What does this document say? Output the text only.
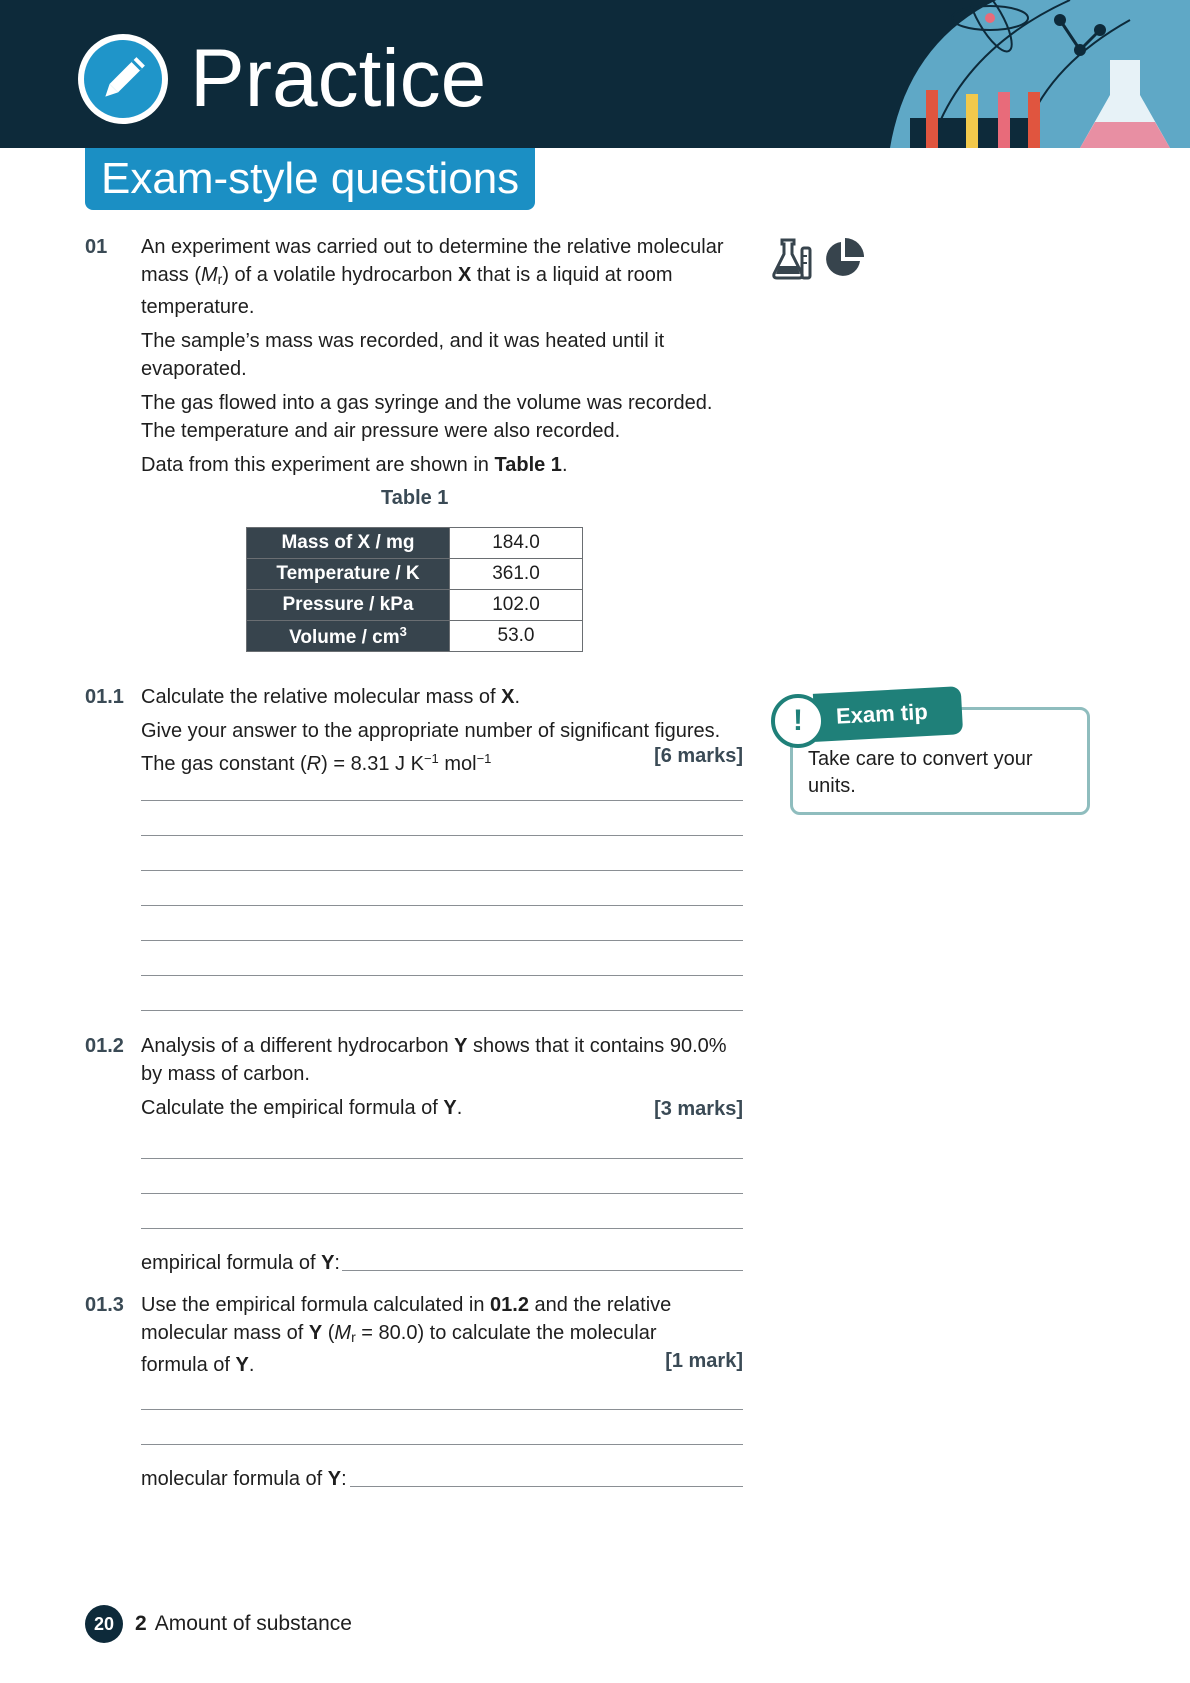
Practice
Exam-style questions
01 An experiment was carried out to determine the relative molecular mass $(M_r)$ of a volatile hydrocarbon X that is a liquid at room temperature.

The sample’s mass was recorded, and it was heated until it evaporated.

The gas flowed into a gas syringe and the volume was recorded. The temperature and air pressure were also recorded.

Data from this experiment are shown in Table 1.

Table 1
Mass of X / mg	184.0
Temperature / K	361.0
Pressure / kPa	102.0
Volume / $cm^3$	53.0
01.1 Calculate the relative molecular mass of X.

Give your answer to the appropriate number of significant figures.

The gas constant (R) = 8.31 J $K^{-1}$ mol$^{-1}$	[6 marks]
Exam tip
!
Take care to convert your units.
01.2 Analysis of a different hydrocarbon Y shows that it contains 90.0% by mass of carbon.

Calculate the empirical formula of Y.	[3 marks]
empirical formula of Y:
01.3 Use the empirical formula calculated in 01.2 and the relative molecular mass of Y $(M_r = 80.0)$ to calculate the molecular formula of Y.	[1 mark]
molecular formula of Y:
20 2 Amount of substance
